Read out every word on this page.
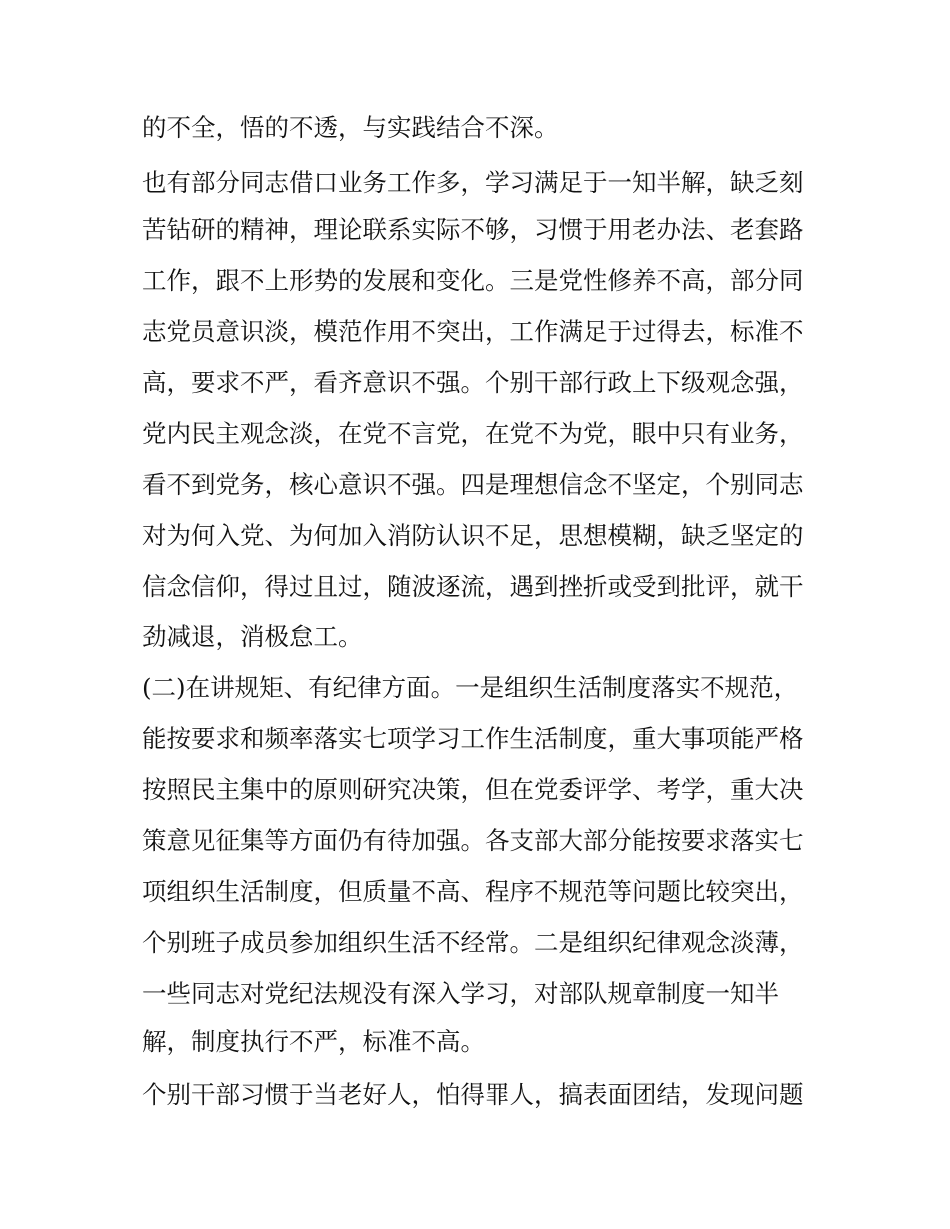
的不全，悟的不透，与实践结合不深。

也有部分同志借口业务工作多，学习满足于一知半解，缺乏刻

苦钻研的精神，理论联系实际不够，习惯于用老办法、老套路

工作，跟不上形势的发展和变化。三是党性修养不高，部分同

志党员意识淡，模范作用不突出，工作满足于过得去，标准不

高，要求不严，看齐意识不强。个别干部行政上下级观念强，

党内民主观念淡，在党不言党，在党不为党，眼中只有业务，

看不到党务，核心意识不强。四是理想信念不坚定，个别同志

对为何入党、为何加入消防认识不足，思想模糊，缺乏坚定的

信念信仰，得过且过，随波逐流，遇到挫折或受到批评，就干

劲减退，消极怠工。

(二)在讲规矩、有纪律方面。一是组织生活制度落实不规范，

能按要求和频率落实七项学习工作生活制度，重大事项能严格

按照民主集中的原则研究决策，但在党委评学、考学，重大决

策意见征集等方面仍有待加强。各支部大部分能按要求落实七

项组织生活制度，但质量不高、程序不规范等问题比较突出，

个别班子成员参加组织生活不经常。二是组织纪律观念淡薄，

一些同志对党纪法规没有深入学习，对部队规章制度一知半

解，制度执行不严，标准不高。

个别干部习惯于当老好人，怕得罪人，搞表面团结，发现问题
